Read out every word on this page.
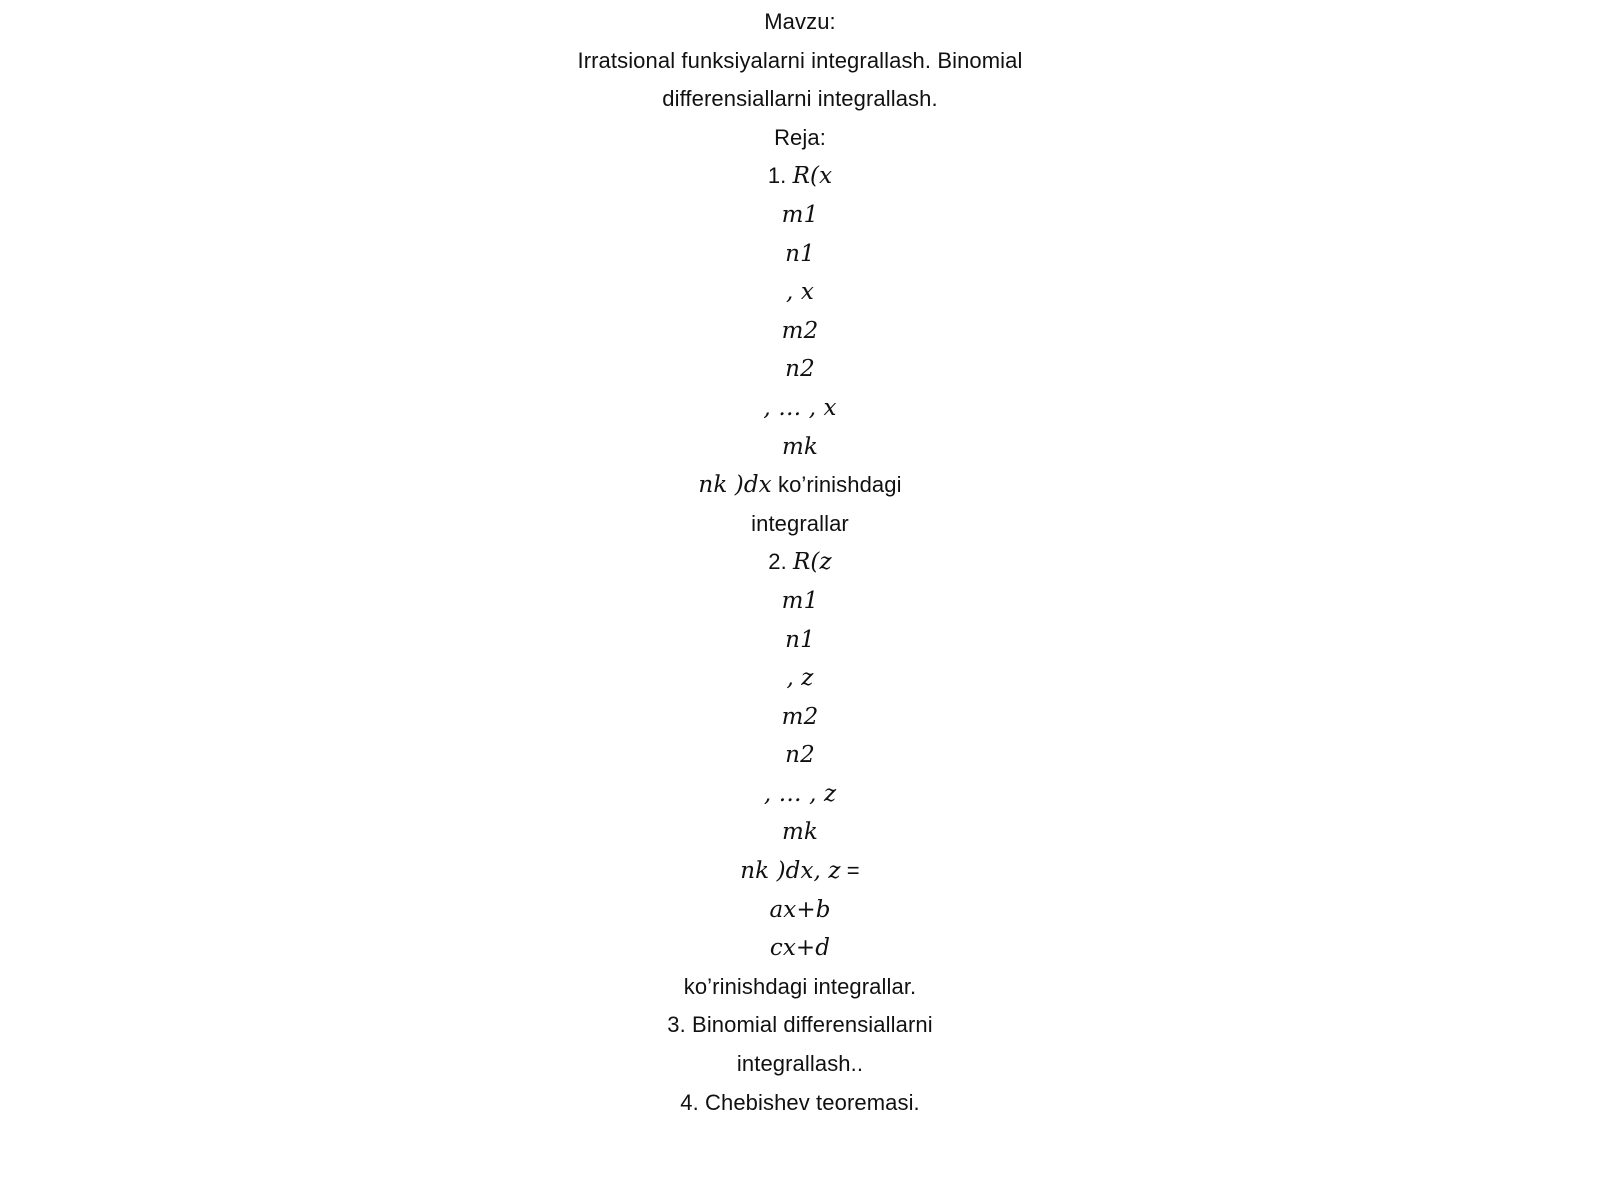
Mavzu:
Irratsional funksiyalarni integrallash. Binomial
differensiallarni integrallash.
Reja:
1. R(x
m1
n1
, x
m2
n2
, … , x
mk
nk )dx ko’rinishdagi
integrallar
2. R(z
m1
n1
, z
m2
n2
, … , z
mk
nk )dx, z =
ax+b
cx+d
ko’rinishdagi integrallar.
3. Binomial differensiallarni
integrallash..
4. Chebishev teoremasi.
